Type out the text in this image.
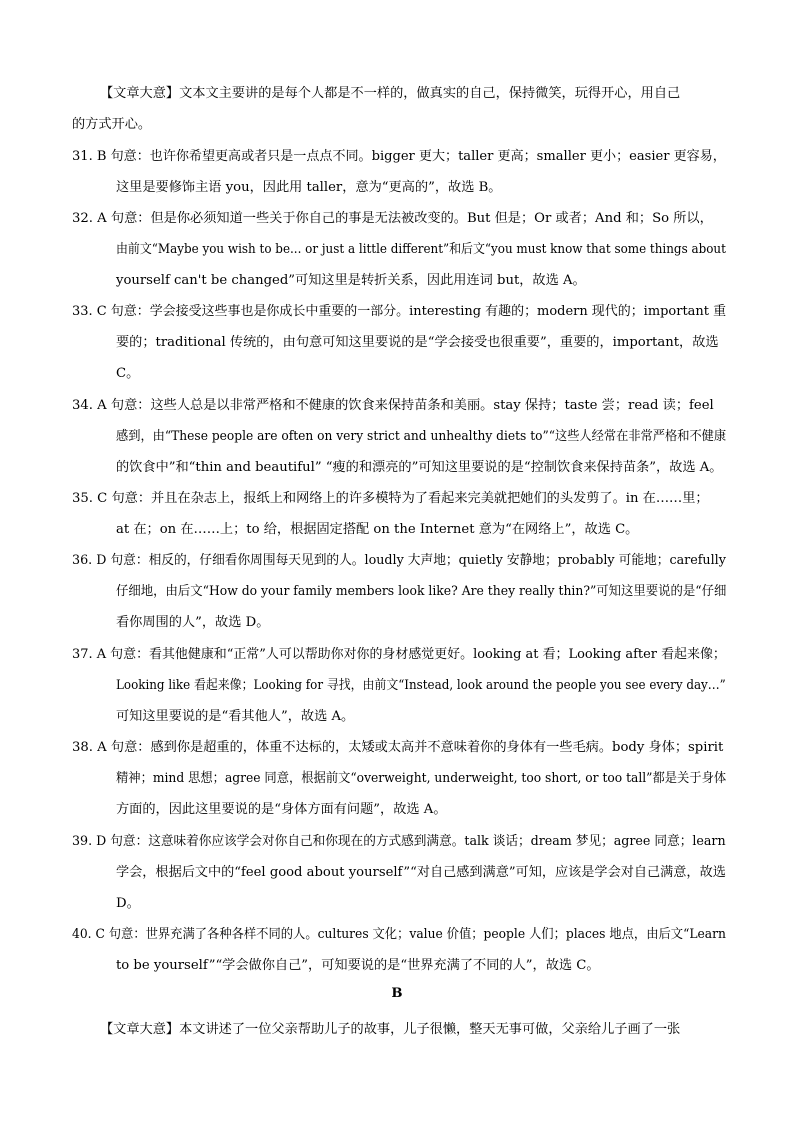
【文章大意】文本文主要讲的是每个人都是不一样的，做真实的自己，保持微笑，玩得开心，用自己
的方式开心。
31. B 句意：也许你希望更高或者只是一点点不同。bigger 更大；taller 更高；smaller 更小；easier 更容易，
这里是要修饰主语 you，因此用 taller，意为“更高的”，故选 B。
32. A 句意：但是你必须知道一些关于你自己的事是无法被改变的。But 但是；Or 或者；And 和；So 所以，
由前文“Maybe you wish to be... or just a little different”和后文“you must know that some things about
yourself can't be changed”可知这里是转折关系，因此用连词 but，故选 A。
33. C 句意：学会接受这些事也是你成长中重要的一部分。interesting 有趣的；modern 现代的；important 重
要的；traditional 传统的，由句意可知这里要说的是“学会接受也很重要”，重要的，important，故选
C。
34. A 句意：这些人总是以非常严格和不健康的饮食来保持苗条和美丽。stay 保持；taste 尝；read 读；feel
感到，由“These people are often on very strict and unhealthy diets to”“这些人经常在非常严格和不健康
的饮食中”和“thin and beautiful” “瘦的和漂亮的”可知这里要说的是“控制饮食来保持苗条”，故选 A。
35. C 句意：并且在杂志上，报纸上和网络上的许多模特为了看起来完美就把她们的头发剪了。in 在……里；
at 在；on 在……上；to 给，根据固定搭配 on the Internet 意为“在网络上”，故选 C。
36. D 句意：相反的，仔细看你周围每天见到的人。loudly 大声地；quietly 安静地；probably 可能地；carefully
仔细地，由后文“How do your family members look like? Are they really thin?”可知这里要说的是“仔细
看你周围的人”，故选 D。
37. A 句意：看其他健康和“正常”人可以帮助你对你的身材感觉更好。looking at 看；Looking after 看起来像；
Looking like 看起来像；Looking for 寻找，由前文“Instead, look around the people you see every day…”
可知这里要说的是“看其他人”，故选 A。
38. A 句意：感到你是超重的，体重不达标的，太矮或太高并不意味着你的身体有一些毛病。body 身体；spirit
精神；mind 思想；agree 同意，根据前文“overweight, underweight, too short, or too tall”都是关于身体
方面的，因此这里要说的是“身体方面有问题”，故选 A。
39. D 句意：这意味着你应该学会对你自己和你现在的方式感到满意。talk 谈话；dream 梦见；agree 同意；learn
学会，根据后文中的“feel good about yourself”“对自己感到满意”可知，应该是学会对自己满意，故选
D。
40. C 句意：世界充满了各种各样不同的人。cultures 文化；value 价值；people 人们；places 地点，由后文“Learn
to be yourself”“学会做你自己”，可知要说的是“世界充满了不同的人”，故选 C。
B
【文章大意】本文讲述了一位父亲帮助儿子的故事，儿子很懒，整天无事可做，父亲给儿子画了一张
